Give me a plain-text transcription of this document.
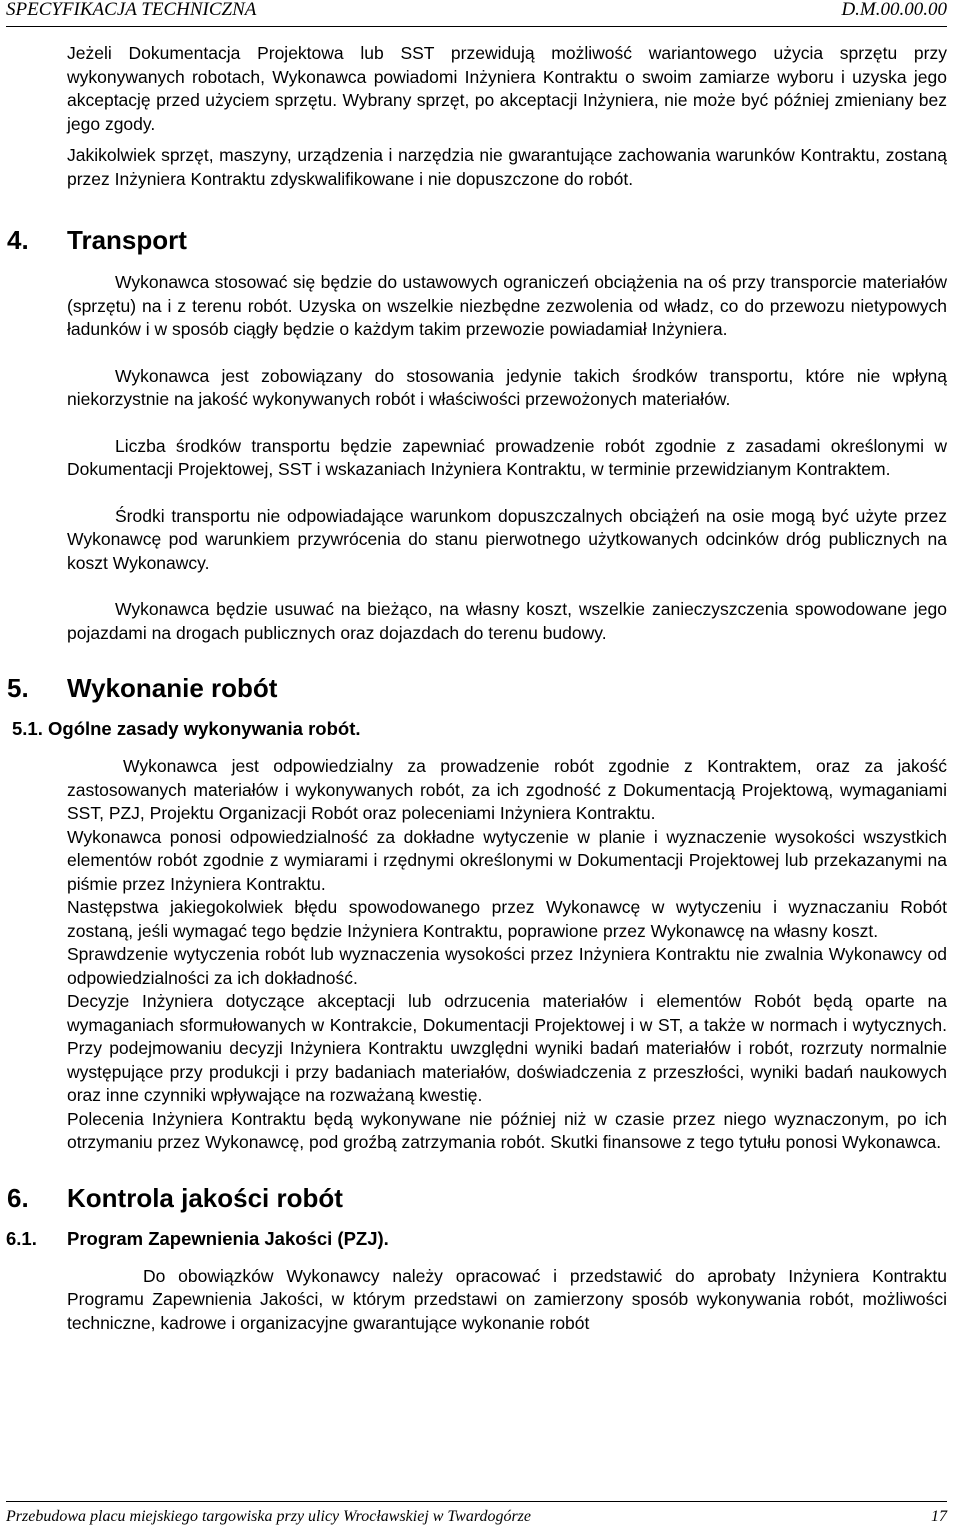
SPECYFIKACJA TECHNICZNA	D.M.00.00.00

Jeżeli Dokumentacja Projektowa lub SST przewidują możliwość wariantowego użycia sprzętu przy wykonywanych robotach, Wykonawca powiadomi Inżyniera Kontraktu o swoim zamiarze wyboru i uzyska jego akceptację przed użyciem sprzętu. Wybrany sprzęt, po akceptacji Inżyniera, nie może być później zmieniany bez jego zgody.

Jakikolwiek sprzęt, maszyny, urządzenia i narzędzia nie gwarantujące zachowania warunków Kontraktu, zostaną przez Inżyniera Kontraktu zdyskwalifikowane i nie dopuszczone do robót.

4. Transport

Wykonawca stosować się będzie do ustawowych ograniczeń obciążenia na oś przy transporcie materiałów (sprzętu) na i z terenu robót. Uzyska on wszelkie niezbędne zezwolenia od władz, co do przewozu nietypowych ładunków i w sposób ciągły będzie o każdym takim przewozie powiadamiał Inżyniera.

Wykonawca jest zobowiązany do stosowania jedynie takich środków transportu, które nie wpłyną niekorzystnie na jakość wykonywanych robót i właściwości przewożonych materiałów.

Liczba środków transportu będzie zapewniać prowadzenie robót zgodnie z zasadami określonymi w Dokumentacji Projektowej, SST i wskazaniach Inżyniera Kontraktu, w terminie przewidzianym Kontraktem.

Środki transportu nie odpowiadające warunkom dopuszczalnych obciążeń na osie mogą być użyte przez Wykonawcę pod warunkiem przywrócenia do stanu pierwotnego użytkowanych odcinków dróg publicznych na koszt Wykonawcy.

Wykonawca będzie usuwać na bieżąco, na własny koszt, wszelkie zanieczyszczenia spowodowane jego pojazdami na drogach publicznych oraz dojazdach do terenu budowy.

5. Wykonanie robót
5.1. Ogólne zasady wykonywania robót.

Wykonawca jest odpowiedzialny za prowadzenie robót zgodnie z Kontraktem, oraz za jakość zastosowanych materiałów i wykonywanych robót, za ich zgodność z Dokumentacją Projektową, wymaganiami SST, PZJ, Projektu Organizacji Robót oraz poleceniami Inżyniera Kontraktu.

Wykonawca ponosi odpowiedzialność za dokładne wytyczenie w planie i wyznaczenie wysokości wszystkich elementów robót zgodnie z wymiarami i rzędnymi określonymi w Dokumentacji Projektowej lub przekazanymi na piśmie przez Inżyniera Kontraktu.

Następstwa jakiegokolwiek błędu spowodowanego przez Wykonawcę w wytyczeniu i wyznaczaniu Robót zostaną, jeśli wymagać tego będzie Inżyniera Kontraktu, poprawione przez Wykonawcę na własny koszt.

Sprawdzenie wytyczenia robót lub wyznaczenia wysokości przez Inżyniera Kontraktu nie zwalnia Wykonawcy od odpowiedzialności za ich dokładność.

Decyzje Inżyniera dotyczące akceptacji lub odrzucenia materiałów i elementów Robót będą oparte na wymaganiach sformułowanych w Kontrakcie, Dokumentacji Projektowej i w ST, a także w normach i wytycznych. Przy podejmowaniu decyzji Inżyniera Kontraktu uwzględni wyniki badań materiałów i robót, rozrzuty normalnie występujące przy produkcji i przy badaniach materiałów, doświadczenia z przeszłości, wyniki badań naukowych oraz inne czynniki wpływające na rozważaną kwestię.

Polecenia Inżyniera Kontraktu będą wykonywane nie później niż w czasie przez niego wyznaczonym, po ich otrzymaniu przez Wykonawcę, pod groźbą zatrzymania robót. Skutki finansowe z tego tytułu ponosi Wykonawca.

6. Kontrola jakości robót
6.1. Program Zapewnienia Jakości (PZJ).

Do obowiązków Wykonawcy należy opracować i przedstawić do aprobaty Inżyniera Kontraktu Programu Zapewnienia Jakości, w którym przedstawi on zamierzony sposób wykonywania robót, możliwości techniczne, kadrowe i organizacyjne gwarantujące wykonanie robót

Przebudowa placu miejskiego targowiska przy ulicy Wrocławskiej w Twardogórze	17
